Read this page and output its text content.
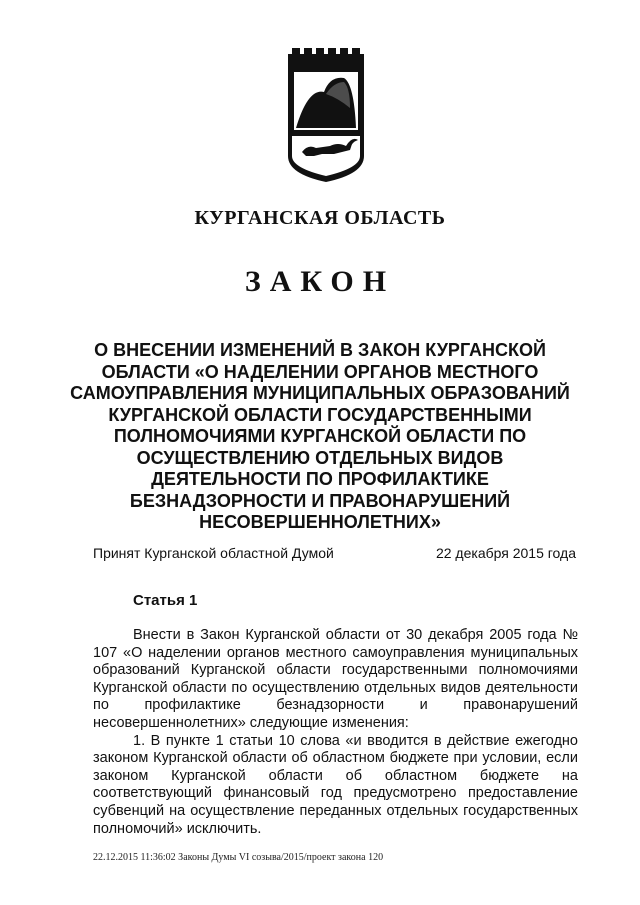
КУРГАНСКАЯ ОБЛАСТЬ
ЗАКОН
О ВНЕСЕНИИ ИЗМЕНЕНИЙ В ЗАКОН КУРГАНСКОЙ ОБЛАСТИ «О НАДЕЛЕНИИ ОРГАНОВ МЕСТНОГО САМОУПРАВЛЕНИЯ МУНИЦИПАЛЬНЫХ ОБРАЗОВАНИЙ КУРГАНСКОЙ ОБЛАСТИ ГОСУДАРСТВЕННЫМИ ПОЛНОМОЧИЯМИ КУРГАНСКОЙ ОБЛАСТИ ПО ОСУЩЕСТВЛЕНИЮ ОТДЕЛЬНЫХ ВИДОВ ДЕЯТЕЛЬНОСТИ ПО ПРОФИЛАКТИКЕ БЕЗНАДЗОРНОСТИ И ПРАВОНАРУШЕНИЙ НЕСОВЕРШЕННОЛЕТНИХ»
Принят Курганской областной Думой	22 декабря 2015 года
Статья 1

Внести в Закон Курганской области от 30 декабря 2005 года № 107 «О наделении органов местного самоуправления муниципальных образований Курганской области государственными полномочиями Курганской области по осуществлению отдельных видов деятельности по профилактике безнадзорности и правонарушений несовершеннолетних» следующие изменения:

1. В пункте 1 статьи 10 слова «и вводится в действие ежегодно законом Курганской области об областном бюджете при условии, если законом Курганской области об областном бюджете на соответствующий финансовый год предусмотрено предоставление субвенций на осуществление переданных отдельных государственных полномочий» исключить.

22.12.2015 11:36:02 Законы Думы VI созыва/2015/проект закона 120
